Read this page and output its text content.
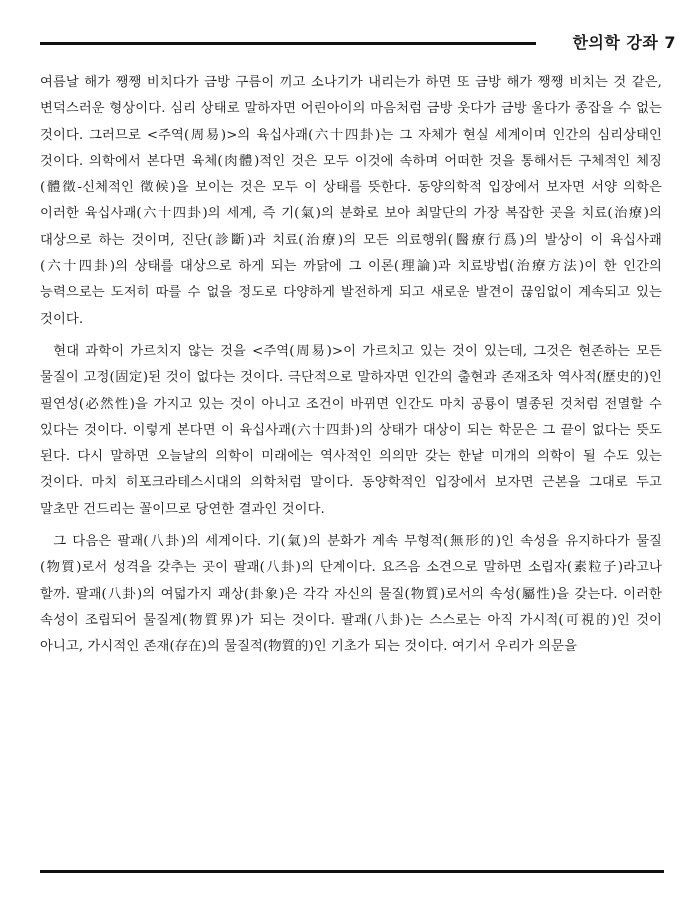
한의학 강좌 7

여름날 해가 쨍쨍 비치다가 금방 구름이 끼고 소나기가 내리는가 하면 또 금방 해가 쨍쨍 비치는 것 같은, 변덕스러운 형상이다. 심리 상태로 말하자면 어린아이의 마음처럼 금방 웃다가 금방 울다가 종잡을 수 없는 것이다. 그러므로 <주역(周易)>의 육십사괘(六十四卦)는 그 자체가 현실 세계이며 인간의 심리상태인 것이다. 의학에서 본다면 육체(肉體)적인 것은 모두 이것에 속하며 어떠한 것을 통해서든 구체적인 체징(體徵-신체적인 徵候)을 보이는 것은 모두 이 상태를 뜻한다. 동양의학적 입장에서 보자면 서양 의학은 이러한 육십사괘(六十四卦)의 세계, 즉 기(氣)의 분화로 보아 최말단의 가장 복잡한 곳을 치료(治療)의 대상으로 하는 것이며, 진단(診斷)과 치료(治療)의 모든 의료행위(醫療行爲)의 발상이 이 육십사괘(六十四卦)의 상태를 대상으로 하게 되는 까닭에 그 이론(理論)과 치료방법(治療方法)이 한 인간의 능력으로는 도저히 따를 수 없을 정도로 다양하게 발전하게 되고 새로운 발견이 끊임없이 계속되고 있는 것이다.

현대 과학이 가르치지 않는 것을 <주역(周易)>이 가르치고 있는 것이 있는데, 그것은 현존하는 모든 물질이 고정(固定)된 것이 없다는 것이다. 극단적으로 말하자면 인간의 출현과 존재조차 역사적(歷史的)인 필연성(必然性)을 가지고 있는 것이 아니고 조건이 바뀌면 인간도 마치 공룡이 멸종된 것처럼 전멸할 수 있다는 것이다. 이렇게 본다면 이 육십사괘(六十四卦)의 상태가 대상이 되는 학문은 그 끝이 없다는 뜻도 된다. 다시 말하면 오늘날의 의학이 미래에는 역사적인 의의만 갖는 한낱 미개의 의학이 될 수도 있는 것이다. 마치 히포크라테스시대의 의학처럼 말이다. 동양학적인 입장에서 보자면 근본을 그대로 두고 말초만 건드리는 꼴이므로 당연한 결과인 것이다.

그 다음은 팔괘(八卦)의 세계이다. 기(氣)의 분화가 계속 무형적(無形的)인 속성을 유지하다가 물질(物質)로서 성격을 갖추는 곳이 팔괘(八卦)의 단계이다. 요즈음 소견으로 말하면 소립자(素粒子)라고나 할까. 팔괘(八卦)의 여덟가지 괘상(卦象)은 각각 자신의 물질(物質)로서의 속성(屬性)을 갖는다. 이러한 속성이 조립되어 물질계(物質界)가 되는 것이다. 팔괘(八卦)는 스스로는 아직 가시적(可視的)인 것이 아니고, 가시적인 존재(存在)의 물질적(物質的)인 기초가 되는 것이다. 여기서 우리가 의문을
